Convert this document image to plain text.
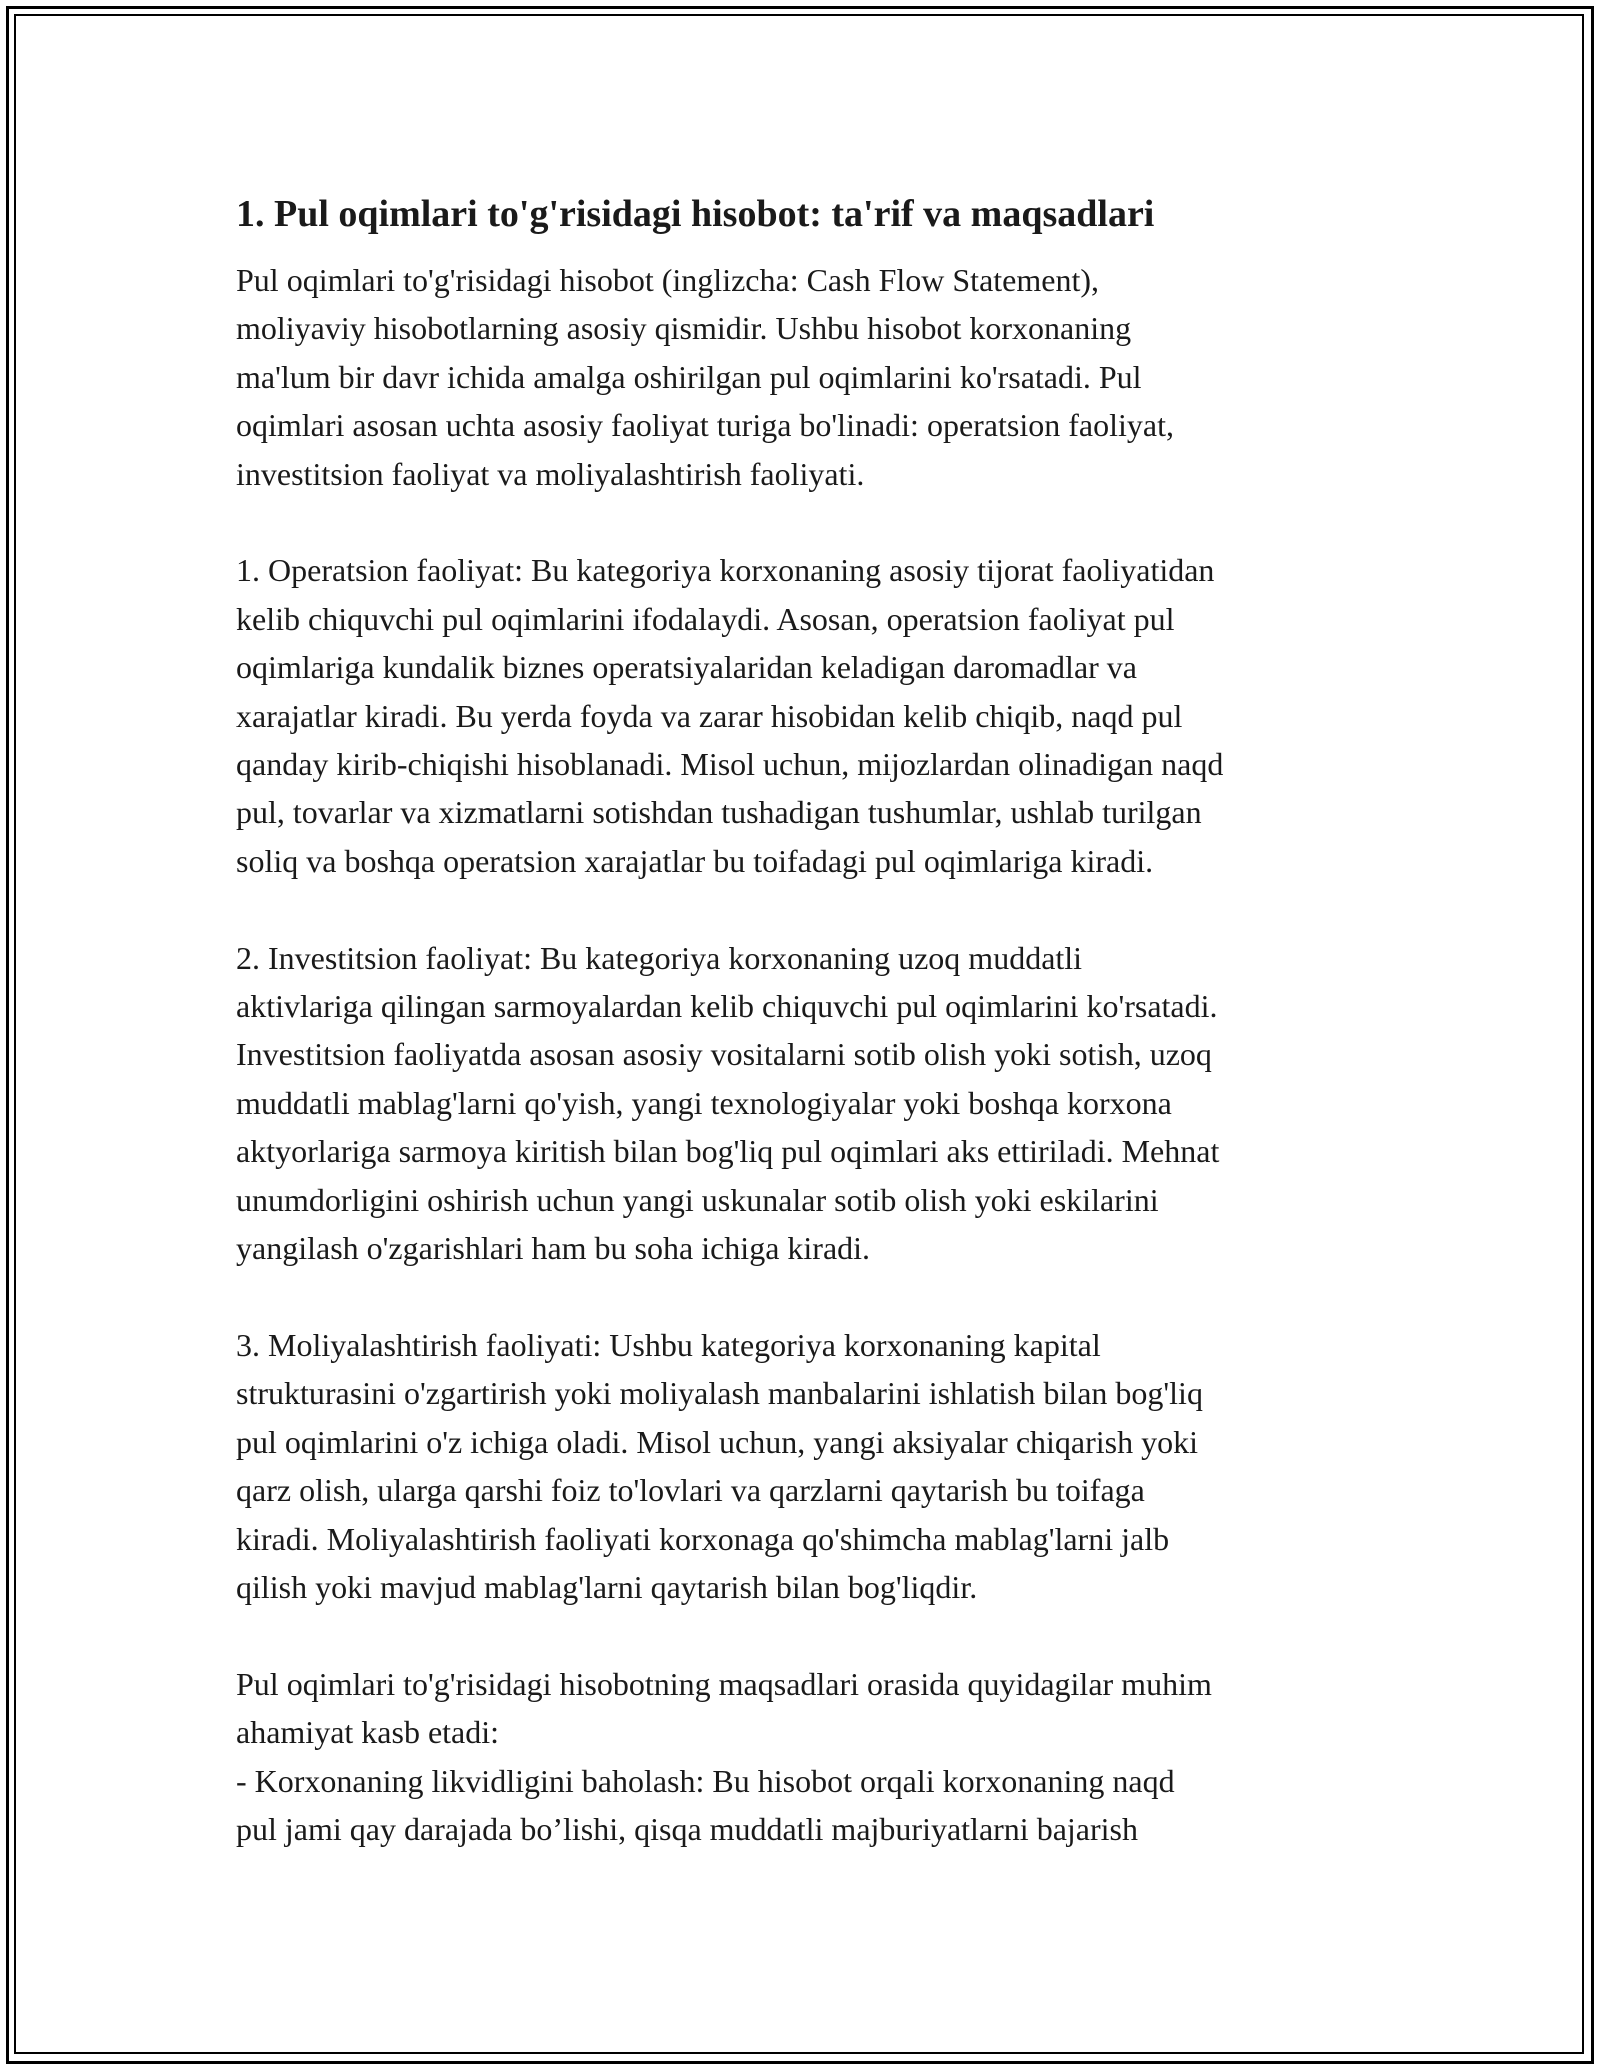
1. Pul oqimlari to'g'risidagi hisobot: ta'rif va maqsadlari

Pul oqimlari to'g'risidagi hisobot (inglizcha: Cash Flow Statement),
moliyaviy hisobotlarning asosiy qismidir. Ushbu hisobot korxonaning
ma'lum bir davr ichida amalga oshirilgan pul oqimlarini ko'rsatadi. Pul
oqimlari asosan uchta asosiy faoliyat turiga bo'linadi: operatsion faoliyat,
investitsion faoliyat va moliyalashtirish faoliyati.

1. Operatsion faoliyat: Bu kategoriya korxonaning asosiy tijorat faoliyatidan
kelib chiquvchi pul oqimlarini ifodalaydi. Asosan, operatsion faoliyat pul
oqimlariga kundalik biznes operatsiyalaridan keladigan daromadlar va
xarajatlar kiradi. Bu yerda foyda va zarar hisobidan kelib chiqib, naqd pul
qanday kirib-chiqishi hisoblanadi. Misol uchun, mijozlardan olinadigan naqd
pul, tovarlar va xizmatlarni sotishdan tushadigan tushumlar, ushlab turilgan
soliq va boshqa operatsion xarajatlar bu toifadagi pul oqimlariga kiradi.

2. Investitsion faoliyat: Bu kategoriya korxonaning uzoq muddatli
aktivlariga qilingan sarmoyalardan kelib chiquvchi pul oqimlarini ko'rsatadi.
Investitsion faoliyatda asosan asosiy vositalarni sotib olish yoki sotish, uzoq
muddatli mablag'larni qo'yish, yangi texnologiyalar yoki boshqa korxona
aktyorlariga sarmoya kiritish bilan bog'liq pul oqimlari aks ettiriladi. Mehnat
unumdorligini oshirish uchun yangi uskunalar sotib olish yoki eskilarini
yangilash o'zgarishlari ham bu soha ichiga kiradi.

3. Moliyalashtirish faoliyati: Ushbu kategoriya korxonaning kapital
strukturasini o'zgartirish yoki moliyalash manbalarini ishlatish bilan bog'liq
pul oqimlarini o'z ichiga oladi. Misol uchun, yangi aksiyalar chiqarish yoki
qarz olish, ularga qarshi foiz to'lovlari va qarzlarni qaytarish bu toifaga
kiradi. Moliyalashtirish faoliyati korxonaga qo'shimcha mablag'larni jalb
qilish yoki mavjud mablag'larni qaytarish bilan bog'liqdir.

Pul oqimlari to'g'risidagi hisobotning maqsadlari orasida quyidagilar muhim
ahamiyat kasb etadi:
- Korxonaning likvidligini baholash: Bu hisobot orqali korxonaning naqd
pul jami qay darajada bo’lishi, qisqa muddatli majburiyatlarni bajarish
